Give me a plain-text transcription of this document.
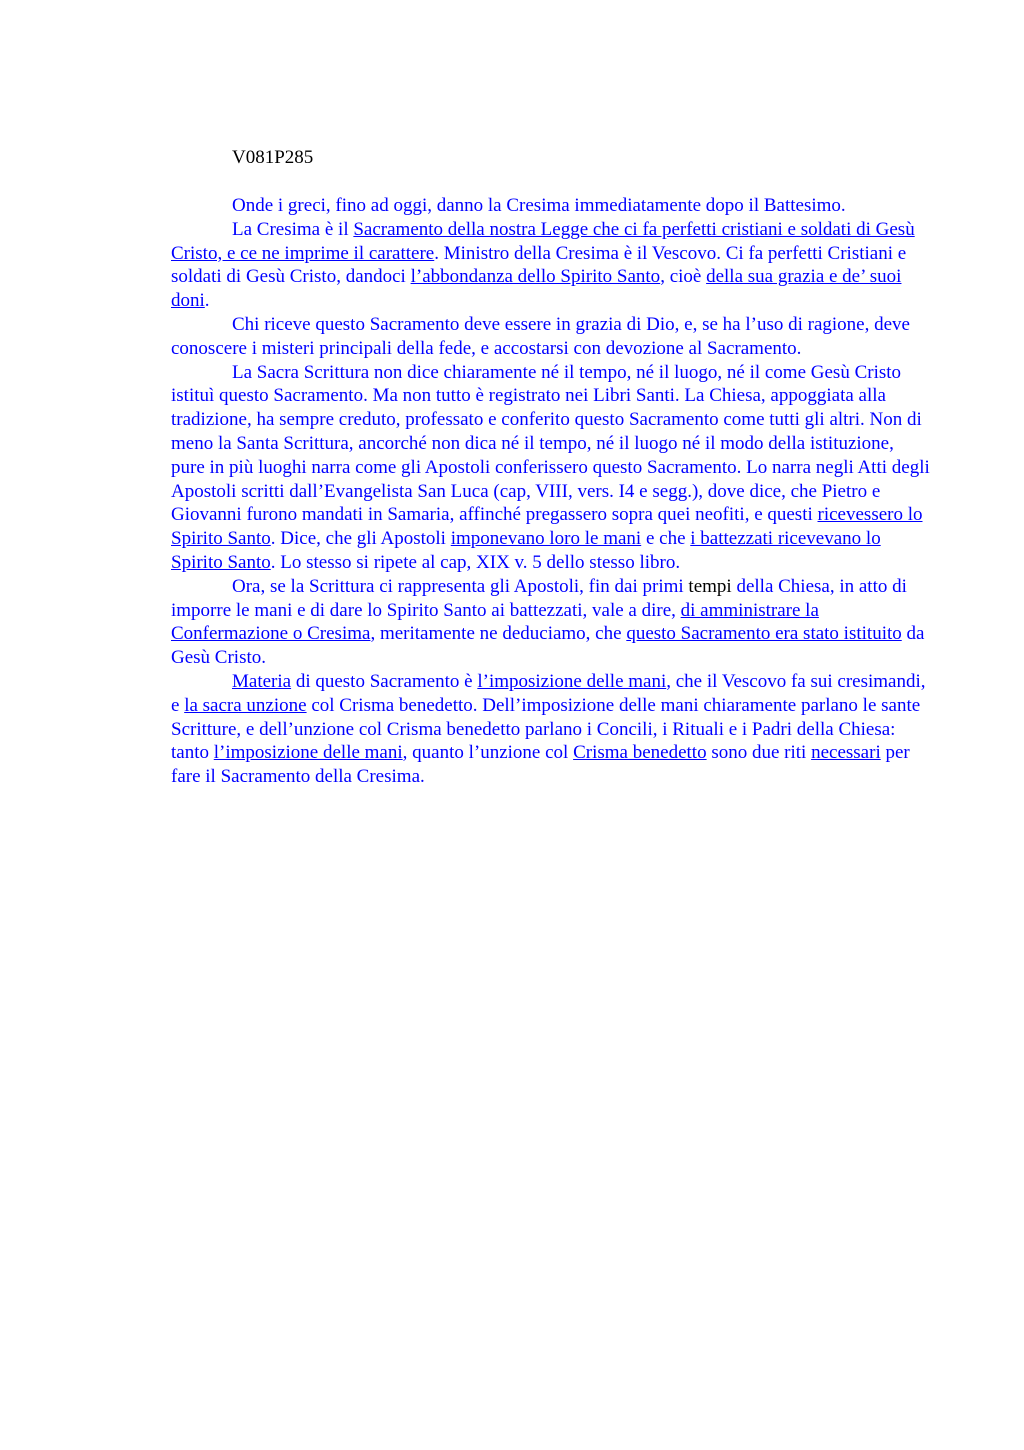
V081P285

Onde i greci, fino ad oggi, danno la Cresima immediatamente dopo il Battesimo.

La Cresima è il Sacramento della nostra Legge che ci fa perfetti cristiani e soldati di Gesù Cristo, e ce ne imprime il carattere. Ministro della Cresima è il Vescovo. Ci fa perfetti Cristiani e soldati di Gesù Cristo, dandoci l’abbondanza dello Spirito Santo, cioè della sua grazia e de’ suoi doni.

Chi riceve questo Sacramento deve essere in grazia di Dio, e, se ha l’uso di ragione, deve conoscere i misteri principali della fede, e accostarsi con devozione al Sacramento.

La Sacra Scrittura non dice chiaramente né il tempo, né il luogo, né il come Gesù Cristo istituì questo Sacramento. Ma non tutto è registrato nei Libri Santi. La Chiesa, appoggiata alla tradizione, ha sempre creduto, professato e conferito questo Sacramento come tutti gli altri. Non di meno la Santa Scrittura, ancorché non dica né il tempo, né il luogo né il modo della istituzione, pure in più luoghi narra come gli Apostoli conferissero questo Sacramento. Lo narra negli Atti degli Apostoli scritti dall’Evangelista San Luca (cap, VIII, vers. I4 e segg.), dove dice, che Pietro e Giovanni furono mandati in Samaria, affinché pregassero sopra quei neofiti, e questi ricevessero lo Spirito Santo. Dice, che gli Apostoli imponevano loro le mani e che i battezzati ricevevano lo Spirito Santo. Lo stesso si ripete al cap, XIX v. 5 dello stesso libro.

Ora, se la Scrittura ci rappresenta gli Apostoli, fin dai primi tempi della Chiesa, in atto di imporre le mani e di dare lo Spirito Santo ai battezzati, vale a dire, di amministrare la Confermazione o Cresima, meritamente ne deduciamo, che questo Sacramento era stato istituito da Gesù Cristo.

Materia di questo Sacramento è l’imposizione delle mani, che il Vescovo fa sui cresimandi, e la sacra unzione col Crisma benedetto. Dell’imposizione delle mani chiaramente parlano le sante Scritture, e dell’unzione col Crisma benedetto parlano i Concili, i Rituali e i Padri della Chiesa: tanto l’imposizione delle mani, quanto l’unzione col Crisma benedetto sono due riti necessari per fare il Sacramento della Cresima.
